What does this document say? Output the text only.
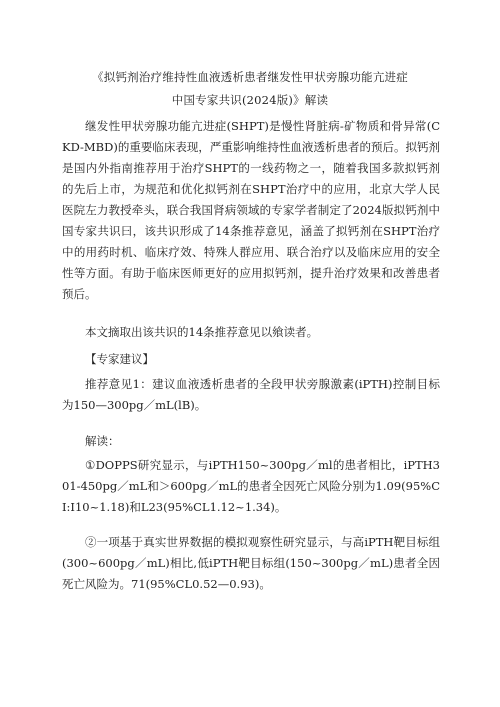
《拟钙剂治疗维持性血液透析患者继发性甲状旁腺功能亢进症
中国专家共识(2024版)》解读
继发性甲状旁腺功能亢进症(SHPT)是慢性肾脏病-矿物质和骨异常(CKD-MBD)的重要临床表现，严重影响维持性血液透析患者的预后。拟钙剂是国内外指南推荐用于治疗SHPT的一线药物之一，随着我国多款拟钙剂的先后上市，为规范和优化拟钙剂在SHPT治疗中的应用，北京大学人民医院左力教授牵头，联合我国肾病领域的专家学者制定了2024版拟钙剂中国专家共识曰，该共识形成了14条推荐意见，涵盖了拟钙剂在SHPT治疗中的用药时机、临床疗效、特殊人群应用、联合治疗以及临床应用的安全性等方面。有助于临床医师更好的应用拟钙剂，提升治疗效果和改善患者预后。
本文摘取出该共识的14条推荐意见以飨读者。
【专家建议】
推荐意见1：建议血液透析患者的全段甲状旁腺激素(iPTH)控制目标为150—300pg／mL(lB)。
解读：
①DOPPS研究显示，与iPTH150~300pg／ml的患者相比，iPTH301-450pg／mL和＞600pg／mL的患者全因死亡风险分别为1.09(95%CI:I10~1.18)和L23(95%CL1.12~1.34)。
②一项基于真实世界数据的模拟观察性研究显示，与高iPTH靶目标组(300~600pg／mL)相比,低iPTH靶目标组(150~300pg／mL)患者全因死亡风险为。71(95%CL0.52—0.93)。
